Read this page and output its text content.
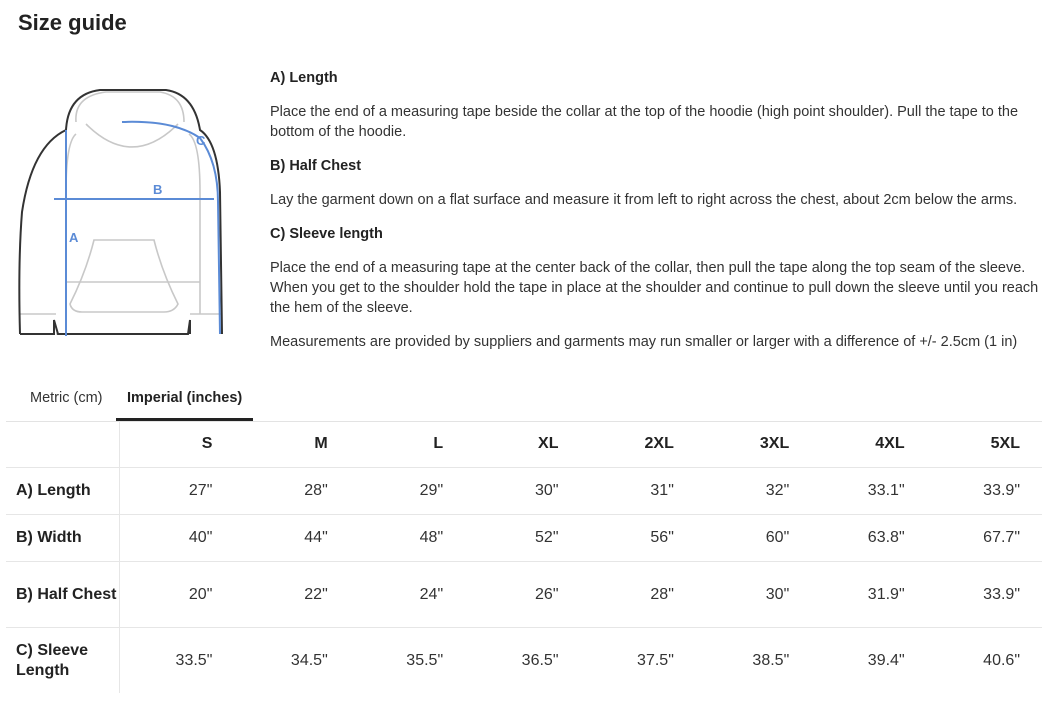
Size guide
A
B
C
A) Length
Place the end of a measuring tape beside the collar at the top of the hoodie (high point shoulder). Pull the tape to the bottom of the hoodie.
B) Half Chest
Lay the garment down on a flat surface and measure it from left to right across the chest, about 2cm below the arms.
C) Sleeve length
Place the end of a measuring tape at the center back of the collar, then pull the tape along the top seam of the sleeve. When you get to the shoulder hold the tape in place at the shoulder and continue to pull down the sleeve until you reach the hem of the sleeve.
Measurements are provided by suppliers and garments may run smaller or larger with a difference of +/- 2.5cm (1 in)
Metric (cm)	Imperial (inches)
	S	M	L	XL	2XL	3XL	4XL	5XL
A) Length	27"	28"	29"	30"	31"	32"	33.1"	33.9"
B) Width	40"	44"	48"	52"	56"	60"	63.8"	67.7"
B) Half Chest	20"	22"	24"	26"	28"	30"	31.9"	33.9"
C) Sleeve Length	33.5"	34.5"	35.5"	36.5"	37.5"	38.5"	39.4"	40.6"
